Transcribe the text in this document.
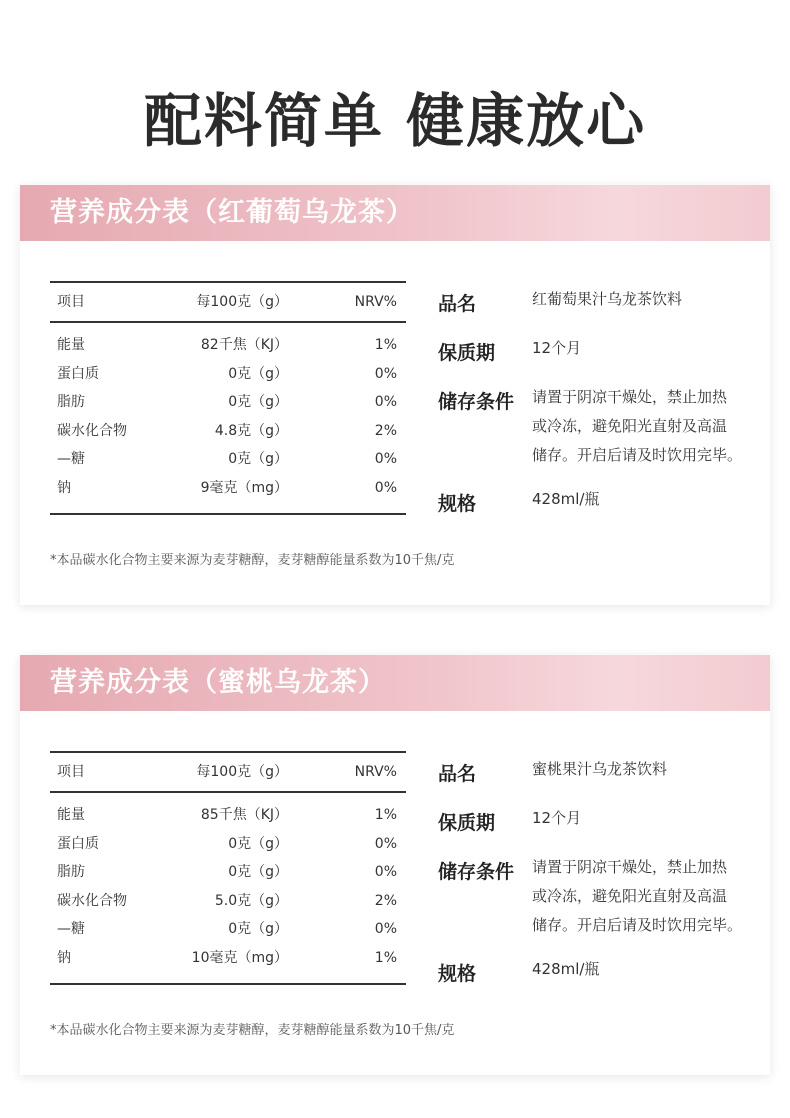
配料简单 健康放心
营养成分表（红葡萄乌龙茶）
项目	每100克（g）	NRV%
能量	82千焦（KJ）	1%
蛋白质	0克（g）	0%
脂肪	0克（g）	0%
碳水化合物	4.8克（g）	2%
—糖	0克（g）	0%
钠	9毫克（mg）	0%
品名	红葡萄果汁乌龙茶饮料
保质期 12个月
储存条件 请置于阴凉干燥处，禁止加热
或冷冻，避免阳光直射及高温
储存。开启后请及时饮用完毕。
规格	428ml/瓶
*本品碳水化合物主要来源为麦芽糖醇，麦芽糖醇能量系数为10千焦/克
营养成分表（蜜桃乌龙茶）
项目	每100克（g）	NRV%
能量	85千焦（KJ）	1%
蛋白质	0克（g）	0%
脂肪	0克（g）	0%
碳水化合物	5.0克（g）	2%
—糖	0克（g）	0%
钠	10毫克（mg）	1%
品名	蜜桃果汁乌龙茶饮料
保质期 12个月
储存条件 请置于阴凉干燥处，禁止加热
或冷冻，避免阳光直射及高温
储存。开启后请及时饮用完毕。
规格	428ml/瓶
*本品碳水化合物主要来源为麦芽糖醇，麦芽糖醇能量系数为10千焦/克
